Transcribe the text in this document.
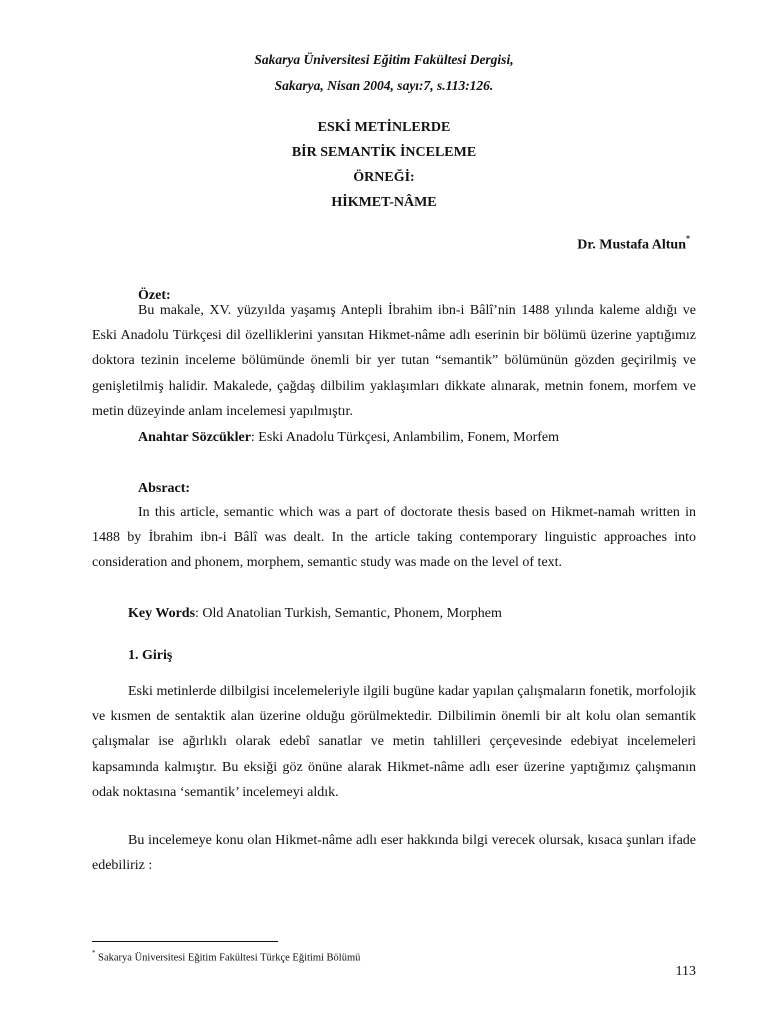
Sakarya Üniversitesi Eğitim Fakültesi Dergisi,
Sakarya, Nisan 2004, sayı:7, s.113:126.
ESKİ METİNLERDE
BİR SEMANTİK İNCELEME
ÖRNEĞİ:
HİKMET-NÂME
Dr. Mustafa Altun*
Özet:
Bu makale, XV. yüzyılda yaşamış Antepli İbrahim ibn-i Bâlî’nin 1488 yılında kaleme aldığı ve Eski Anadolu Türkçesi dil özelliklerini yansıtan Hikmet-nâme adlı eserinin bir bölümü üzerine yaptığımız doktora tezinin inceleme bölümünde önemli bir yer tutan “semantik” bölümünün gözden geçirilmiş ve genişletilmiş halidir. Makalede, çağdaş dilbilim yaklaşımları dikkate alınarak, metnin fonem, morfem ve metin düzeyinde anlam incelemesi yapılmıştır.
Anahtar Sözcükler: Eski Anadolu Türkçesi, Anlambilim, Fonem, Morfem
Absract:
In this article, semantic which was a part of doctorate thesis based on Hikmet-namah written in 1488 by İbrahim ibn-i Bâlî was dealt. In the article taking contemporary linguistic approaches into consideration and phonem, morphem, semantic study was made on the level of text.
Key Words: Old Anatolian Turkish, Semantic, Phonem, Morphem
1. Giriş
Eski metinlerde dilbilgisi incelemeleriyle ilgili bugüne kadar yapılan çalışmaların fonetik, morfolojik ve kısmen de sentaktik alan üzerine olduğu görülmektedir. Dilbilimin önemli bir alt kolu olan semantik çalışmalar ise ağırlıklı olarak edebî sanatlar ve metin tahlilleri çerçevesinde edebiyat incelemeleri kapsamında kalmıştır. Bu eksiği göz önüne alarak Hikmet-nâme adlı eser üzerine yaptığımız çalışmanın odak noktasına ‘semantik’ incelemeyi aldık.
Bu incelemeye konu olan Hikmet-nâme adlı eser hakkında bilgi verecek olursak, kısaca şunları ifade edebiliriz :
* Sakarya Üniversitesi Eğitim Fakültesi Türkçe Eğitimi Bölümü
113
